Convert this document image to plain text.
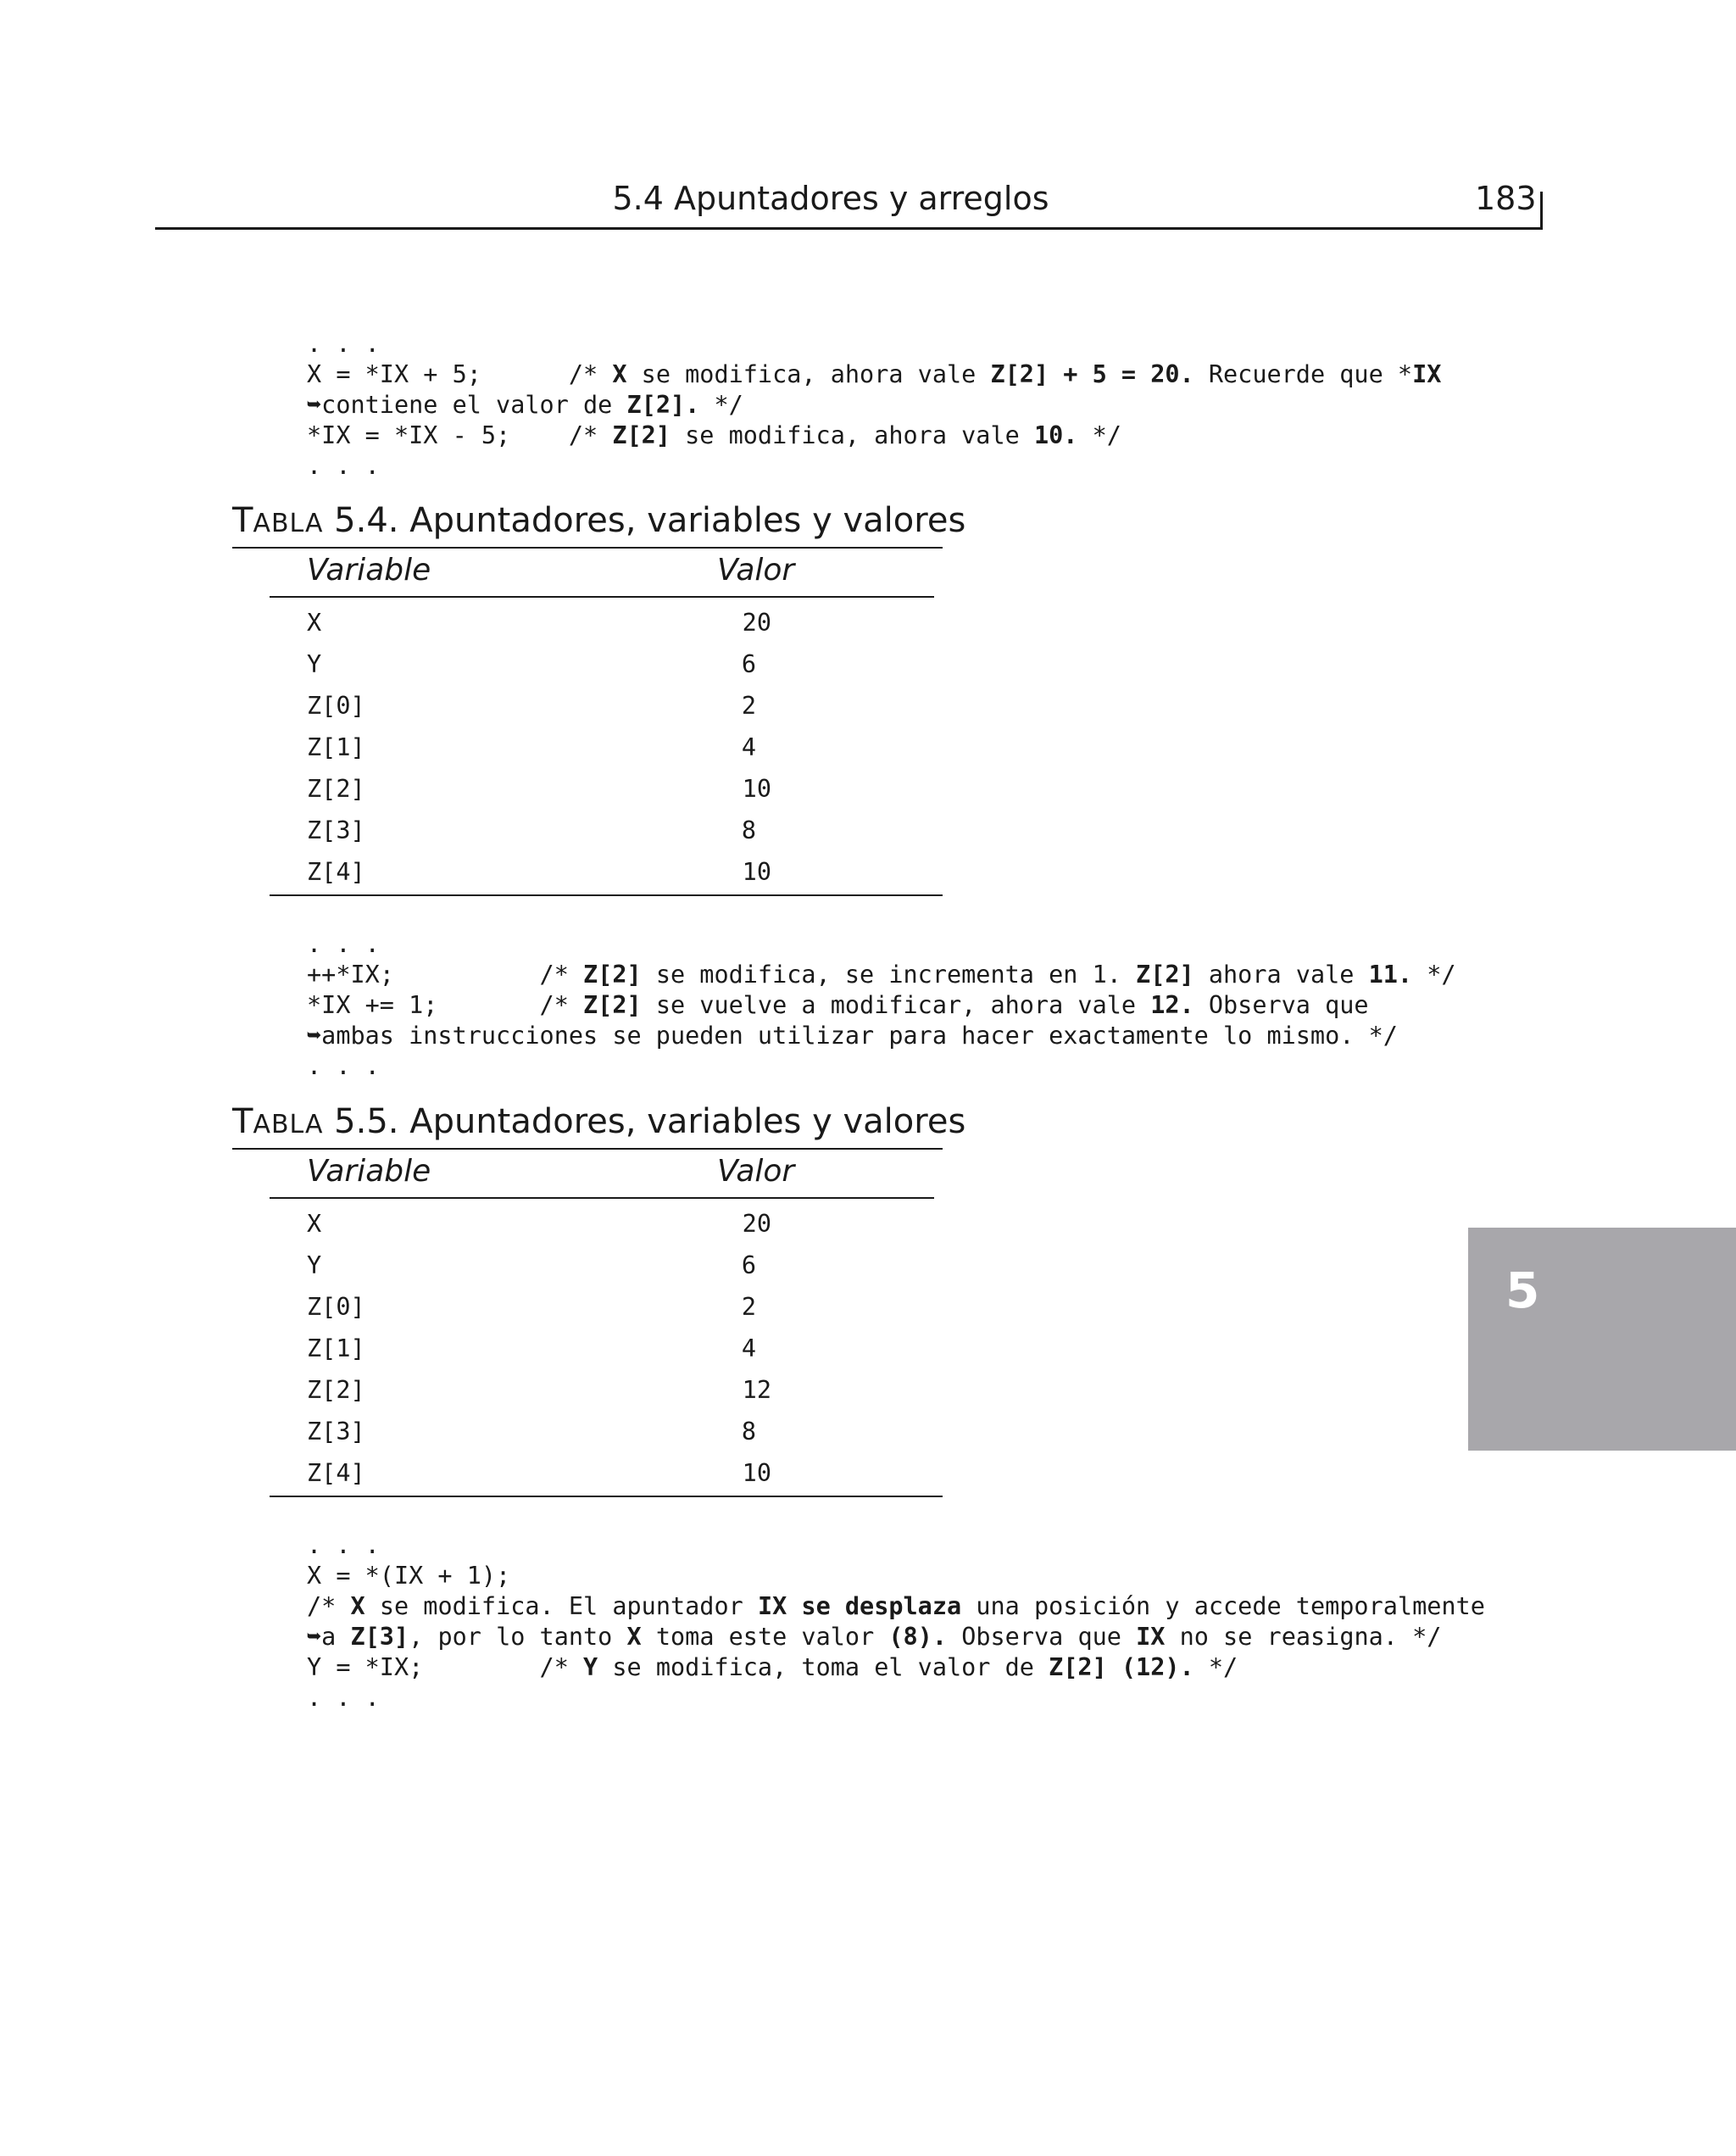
5.4 Apuntadores y arreglos	183
. . .
X = *IX + 5;      /* X se modifica, ahora vale Z[2] + 5 = 20. Recuerde que *IX
➥contiene el valor de Z[2]. */
*IX = *IX - 5;    /* Z[2] se modifica, ahora vale 10. */
. . .
TABLA 5.4. Apuntadores, variables y valores
Variable	Valor
X	20
Y	6
Z[0]	2
Z[1]	4
Z[2]	10
Z[3]	8
Z[4]	10
. . .
++*IX;          /* Z[2] se modifica, se incrementa en 1. Z[2] ahora vale 11. */
*IX += 1;       /* Z[2] se vuelve a modificar, ahora vale 12. Observa que
➥ambas instrucciones se pueden utilizar para hacer exactamente lo mismo. */
. . .
TABLA 5.5. Apuntadores, variables y valores
Variable	Valor
X	20
Y	6
Z[0]	2
Z[1]	4
Z[2]	12
Z[3]	8
Z[4]	10
. . .
X = *(IX + 1);
/* X se modifica. El apuntador IX se desplaza una posición y accede temporalmente
➥a Z[3], por lo tanto X toma este valor (8). Observa que IX no se reasigna. */
Y = *IX;        /* Y se modifica, toma el valor de Z[2] (12). */
. . .
5
